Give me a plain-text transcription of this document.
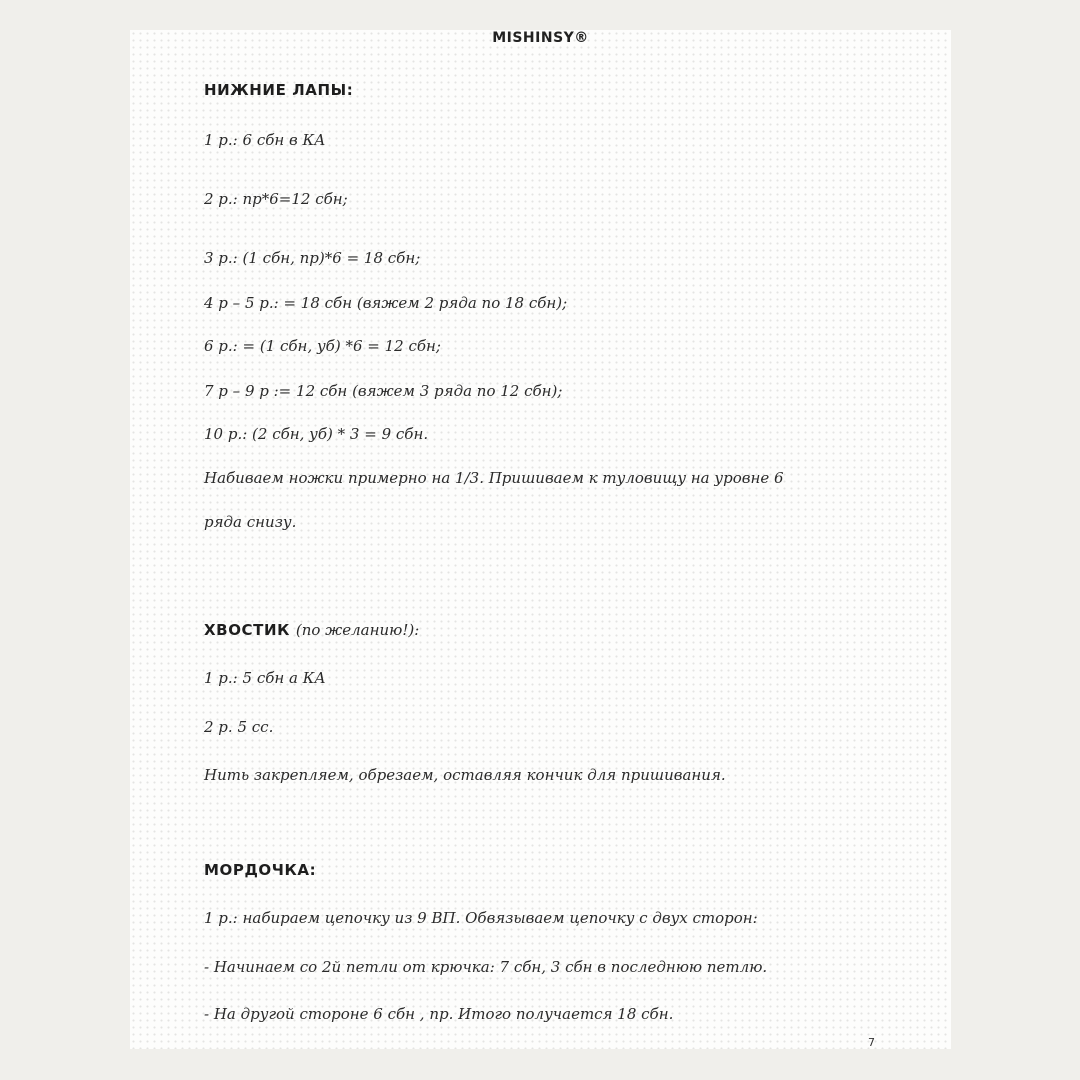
MISHINSY®
НИЖНИЕ ЛАПЫ:
1 р.: 6 сбн в КА
2 р.: пр*6=12 сбн;
3 р.: (1 сбн, пр)*6 = 18 сбн;
4 р – 5 р.: = 18 сбн (вяжем 2 ряда по 18 сбн);
6 р.: = (1 сбн, уб) *6 = 12 сбн;
7 р – 9 р := 12 сбн (вяжем 3 ряда по 12 сбн);
10 р.: (2 сбн, уб) * 3 = 9 сбн.
Набиваем ножки примерно на 1/3. Пришиваем к туловищу на уровне 6
ряда снизу.
ХВОСТИК (по желанию!):
1 р.: 5 сбн а КА
2 р. 5 сс.
Нить закрепляем, обрезаем, оставляя кончик для пришивания.
МОРДОЧКА:
1 р.: набираем цепочку из 9 ВП. Обвязываем цепочку с двух сторон:
- Начинаем со 2й петли от крючка: 7 сбн, 3 сбн в последнюю петлю.
- На другой стороне 6 сбн , пр. Итого получается 18 сбн.
7
